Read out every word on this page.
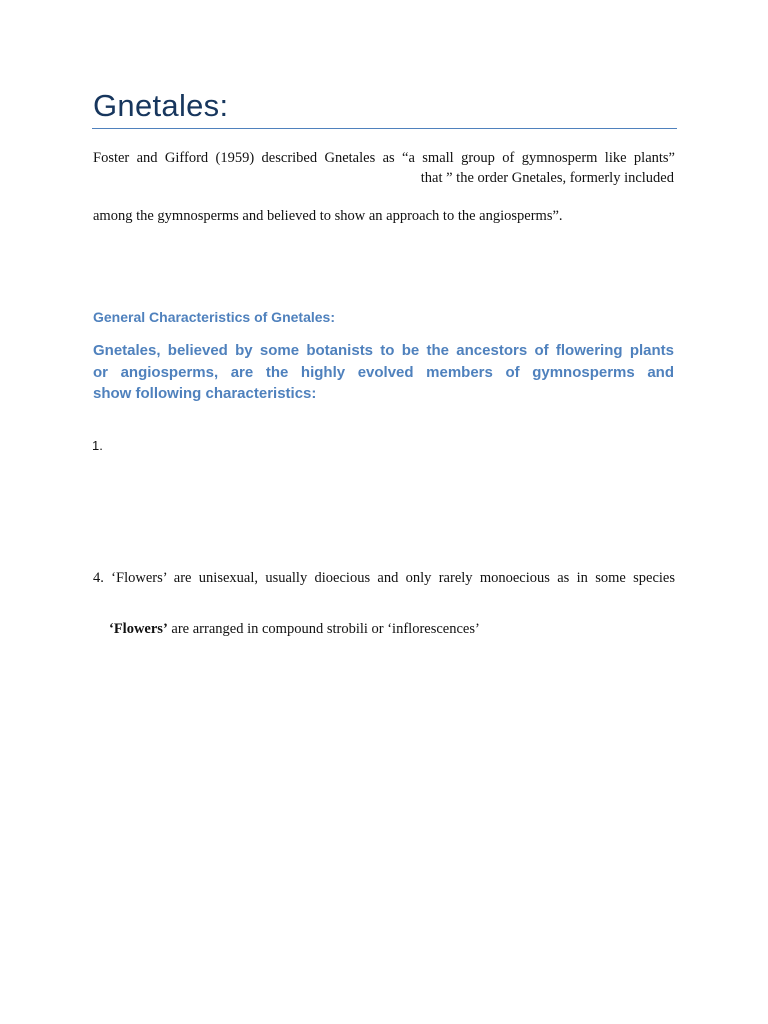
Gnetales:
Foster and Gifford (1959) described Gnetales as “a small group of gymnosperm like plants”
that ” the order Gnetales, formerly included
among the gymnosperms and believed to show an approach to the angiosperms”.
General Characteristics of Gnetales:
Gnetales, believed by some botanists to be the ancestors of flowering plants
or angiosperms, are the highly evolved members of gymnosperms and
show following characteristics:
1.
4. ‘Flowers’ are unisexual, usually dioecious and only rarely monoecious as in some species
‘Flowers’ are arranged in compound strobili or ‘inflorescences’
